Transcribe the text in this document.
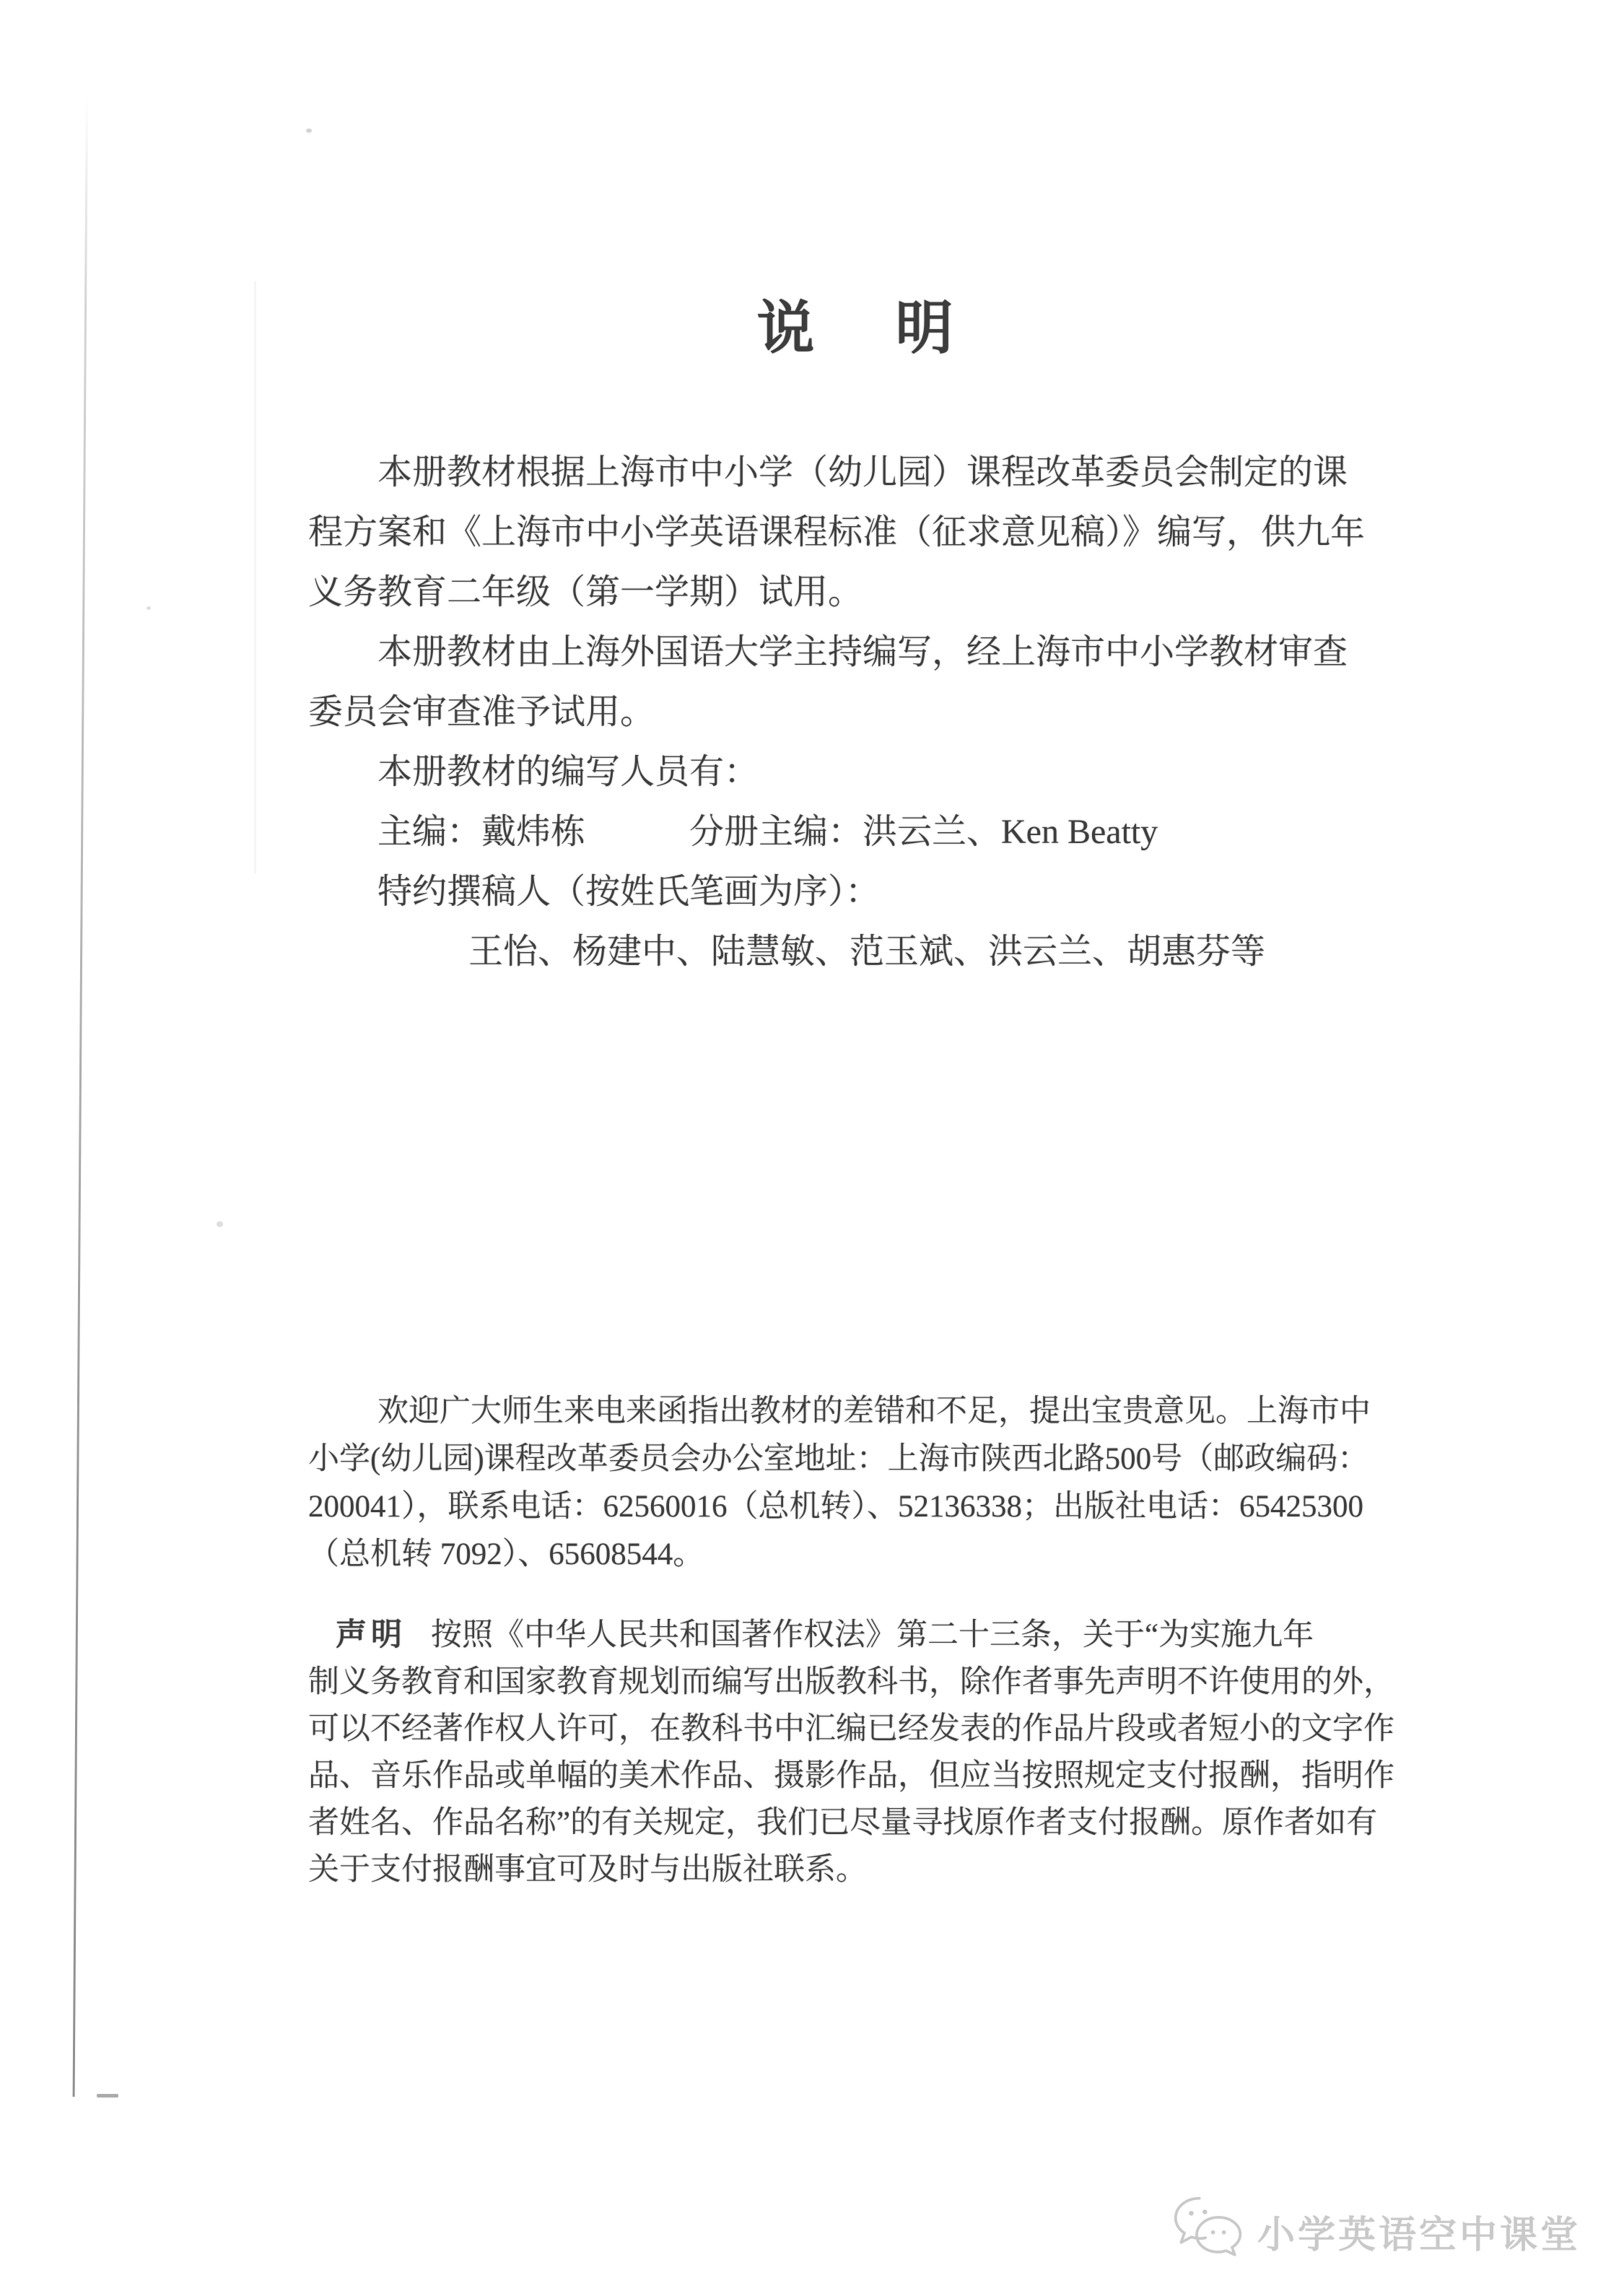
说　明
本册教材根据上海市中小学（幼儿园）课程改革委员会制定的课
程方案和《上海市中小学英语课程标准（征求意见稿）》编写，供九年
义务教育二年级（第一学期）试用。
本册教材由上海外国语大学主持编写，经上海市中小学教材审查
委员会审查准予试用。
本册教材的编写人员有：
主编：戴炜栋　　　分册主编：洪云兰、Ken Beatty
特约撰稿人（按姓氏笔画为序）：
王怡、杨建中、陆慧敏、范玉斌、洪云兰、胡惠芬等
欢迎广大师生来电来函指出教材的差错和不足，提出宝贵意见。上海市中
小学(幼儿园)课程改革委员会办公室地址：上海市陕西北路500号（邮政编码：
200041），联系电话：62560016（总机转）、52136338；出版社电话：65425300
（总机转 7092）、65608544。
声明 按照《中华人民共和国著作权法》第二十三条，关于“为实施九年
制义务教育和国家教育规划而编写出版教科书，除作者事先声明不许使用的外，
可以不经著作权人许可，在教科书中汇编已经发表的作品片段或者短小的文字作
品、音乐作品或单幅的美术作品、摄影作品，但应当按照规定支付报酬，指明作
者姓名、作品名称”的有关规定，我们已尽量寻找原作者支付报酬。原作者如有
关于支付报酬事宜可及时与出版社联系。
小学英语空中课堂
